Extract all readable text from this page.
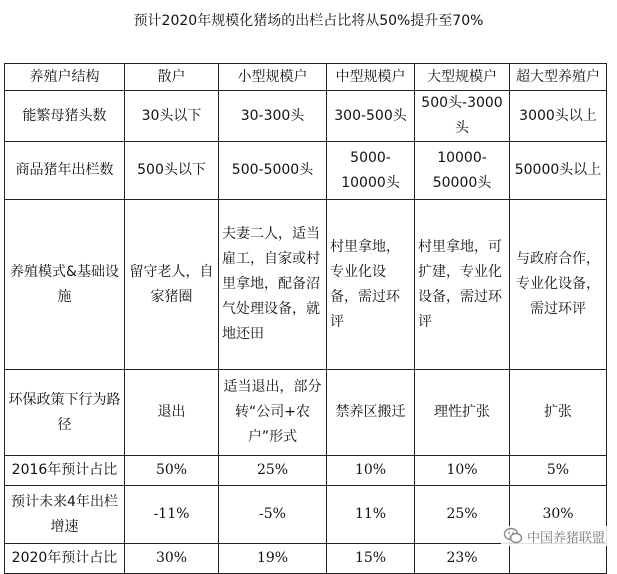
预计2020年规模化猪场的出栏占比将从50%提升至70%
养殖户结构	散户	小型规模户	中型规模户	大型规模户	超大型养殖户
能繁母猪头数	30头以下	30-300头	300-500头	500头-3000头	3000头以上
商品猪年出栏数	500头以下	500-5000头	5000-10000头	10000-50000头	50000头以上
养殖模式&基础设施	留守老人，自家猪圈	夫妻二人，适当雇工，自家或村里拿地，配备沼气处理设备，就地还田	村里拿地，专业化设备，需过环评	村里拿地，可扩建，专业化设备，需过环评	与政府合作，专业化设备，需过环评
环保政策下行为路径	退出	适当退出，部分转“公司+农户”形式	禁养区搬迁	理性扩张	扩张
2016年预计占比	50%	25%	10%	10%	5%
预计未来4年出栏增速	-11%	-5%	11%	25%	30%
2020年预计占比	30%	19%	15%	23%	
中国养猪联盟
